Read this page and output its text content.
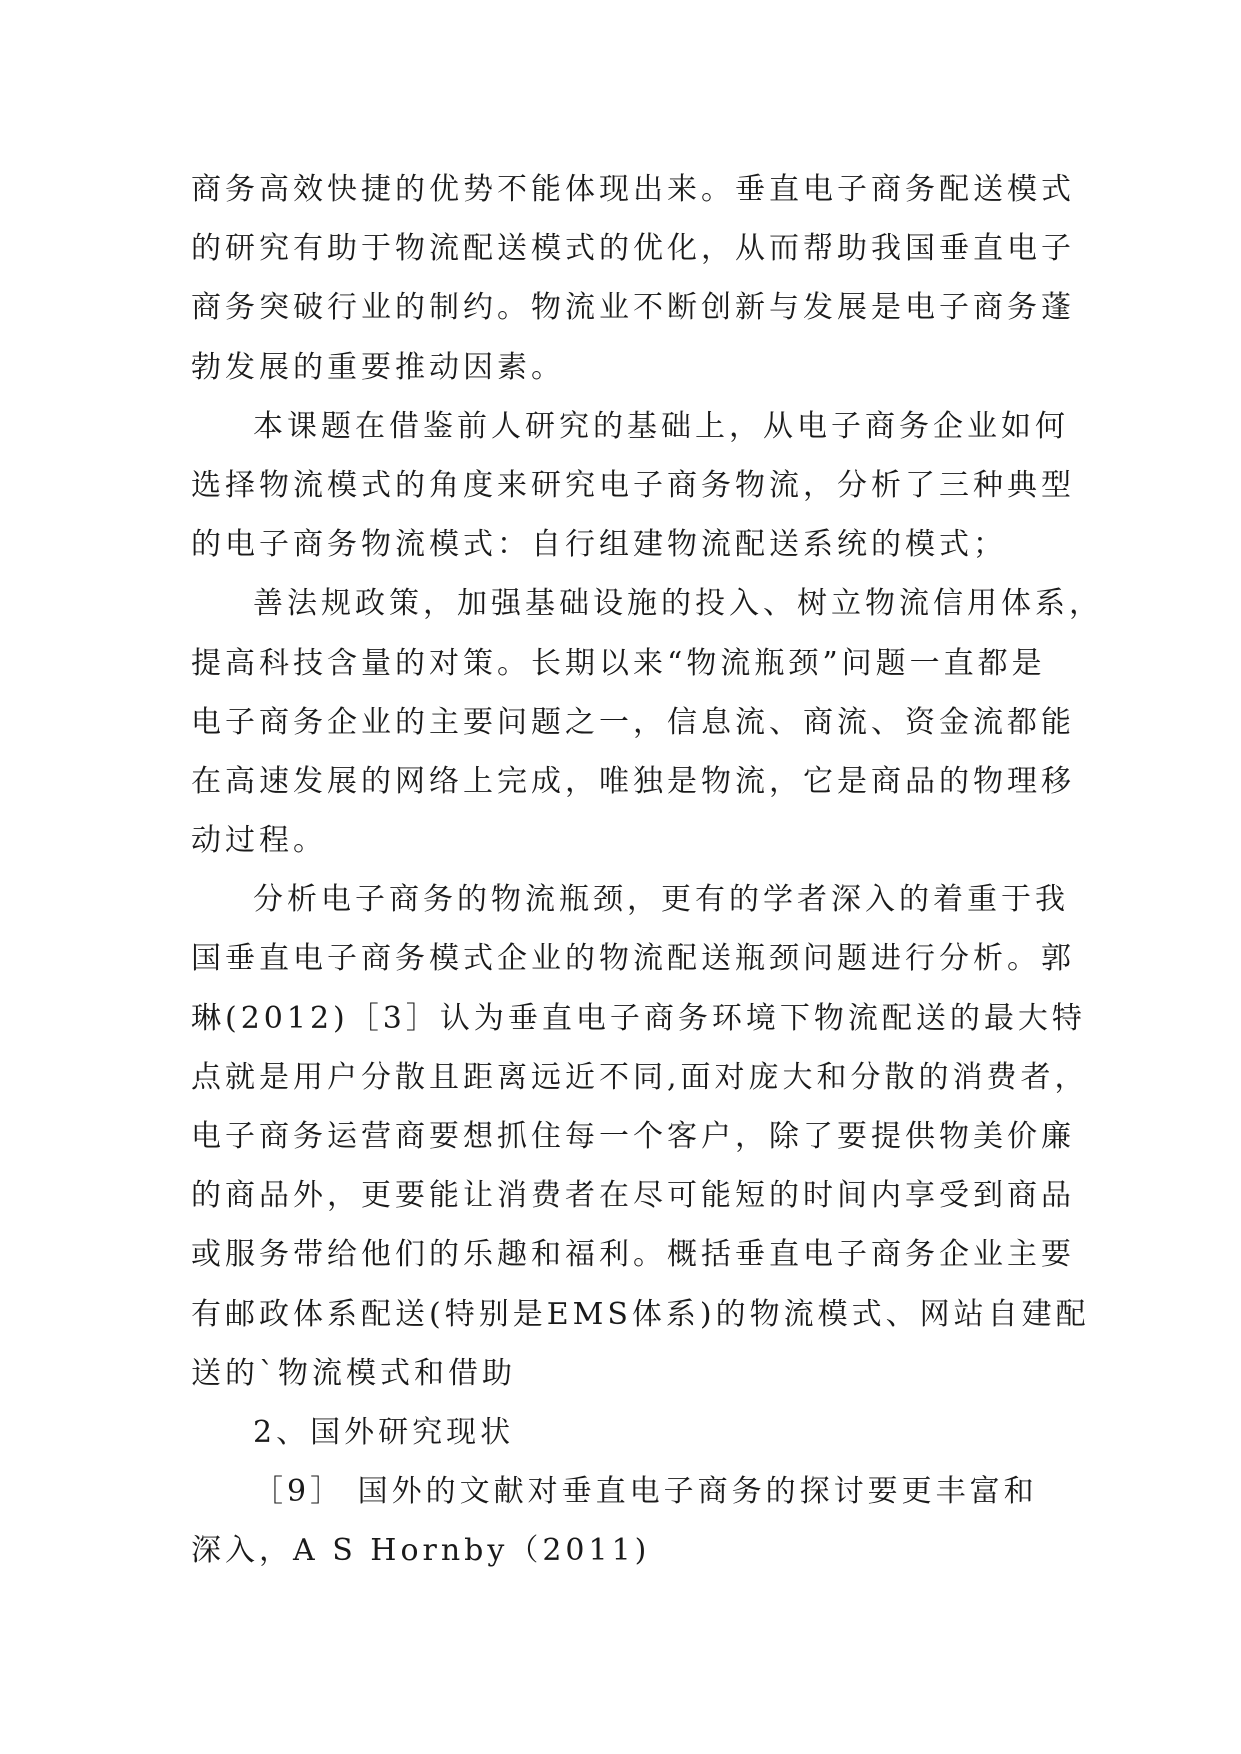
商务高效快捷的优势不能体现出来。垂直电子商务配送模式
的研究有助于物流配送模式的优化，从而帮助我国垂直电子
商务突破行业的制约。物流业不断创新与发展是电子商务蓬
勃发展的重要推动因素。
本课题在借鉴前人研究的基础上，从电子商务企业如何
选择物流模式的角度来研究电子商务物流，分析了三种典型
的电子商务物流模式：自行组建物流配送系统的模式；
善法规政策，加强基础设施的投入、树立物流信用体系，
提高科技含量的对策。长期以来“物流瓶颈”问题一直都是
电子商务企业的主要问题之一，信息流、商流、资金流都能
在高速发展的网络上完成，唯独是物流，它是商品的物理移
动过程。
分析电子商务的物流瓶颈，更有的学者深入的着重于我
国垂直电子商务模式企业的物流配送瓶颈问题进行分析。郭
琳(2012)［3］认为垂直电子商务环境下物流配送的最大特
点就是用户分散且距离远近不同,面对庞大和分散的消费者，
电子商务运营商要想抓住每一个客户，除了要提供物美价廉
的商品外，更要能让消费者在尽可能短的时间内享受到商品
或服务带给他们的乐趣和福利。概括垂直电子商务企业主要
有邮政体系配送(特别是EMS体系)的物流模式、网站自建配
送的`物流模式和借助
2、国外研究现状
［9］ 国外的文献对垂直电子商务的探讨要更丰富和
深入，A S Hornby（2011)
